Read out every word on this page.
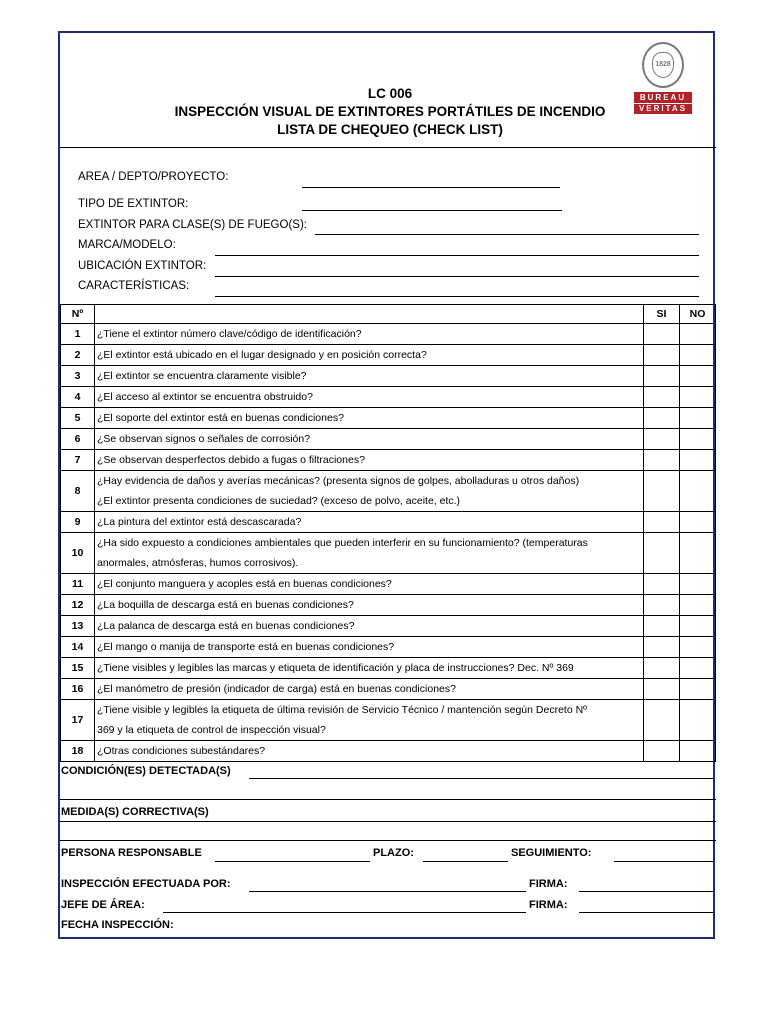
1828
BUREAU
VERITAS
LC 006
INSPECCIÓN VISUAL DE EXTINTORES PORTÁTILES DE INCENDIO
LISTA DE CHEQUEO (CHECK LIST)
AREA / DEPTO/PROYECTO:
TIPO DE EXTINTOR:
EXTINTOR PARA CLASE(S) DE FUEGO(S):
MARCA/MODELO:
UBICACIÓN EXTINTOR:
CARACTERÍSTICAS:
Nº		SI	NO
1	¿Tiene el extintor número clave/código de identificación?		

2	¿El extintor está ubicado en el lugar designado y en posición correcta?		

3	¿El extintor se encuentra claramente visible?		

4	¿El acceso al extintor se encuentra obstruido?		

5	¿El soporte del extintor está en buenas condiciones?		

6	¿Se observan signos o señales de corrosión?		

7	¿Se observan desperfectos debido a fugas o filtraciones?		

8	¿Hay evidencia de daños y averías mecánicas? (presenta signos de golpes, abolladuras u otros daños)
¿El extintor presenta condiciones de suciedad? (exceso de polvo, aceite, etc.)		

9	¿La pintura del extintor está descascarada?		

10	¿Ha sido expuesto a condiciones ambientales que pueden interferir en su funcionamiento? (temperaturas
anormales, atmósferas, humos corrosivos).		

11	¿El conjunto manguera y acoples está en buenas condiciones?		

12	¿La boquilla de descarga está en buenas condiciones?		

13	¿La palanca de descarga está en buenas condiciones?		

14	¿El mango o manija de transporte está en buenas condiciones?		

15	¿Tiene visibles y legibles las marcas y etiqueta de identificación y placa de instrucciones? Dec. Nº 369		

16	¿El manómetro de presión (indicador de carga) está en buenas condiciones?		

17	¿Tiene visible y legibles la etiqueta de última revisión de Servicio Técnico / mantención según Decreto Nº
369 y la etiqueta de control de inspección visual?		

18	¿Otras condiciones subestándares?		

CONDICIÓN(ES) DETECTADA(S)
MEDIDA(S) CORRECTIVA(S)
PERSONA RESPONSABLE	PLAZO:	SEGUIMIENTO:
INSPECCIÓN EFECTUADA POR:	FIRMA:
JEFE DE ÁREA:	FIRMA:
FECHA INSPECCIÓN:
